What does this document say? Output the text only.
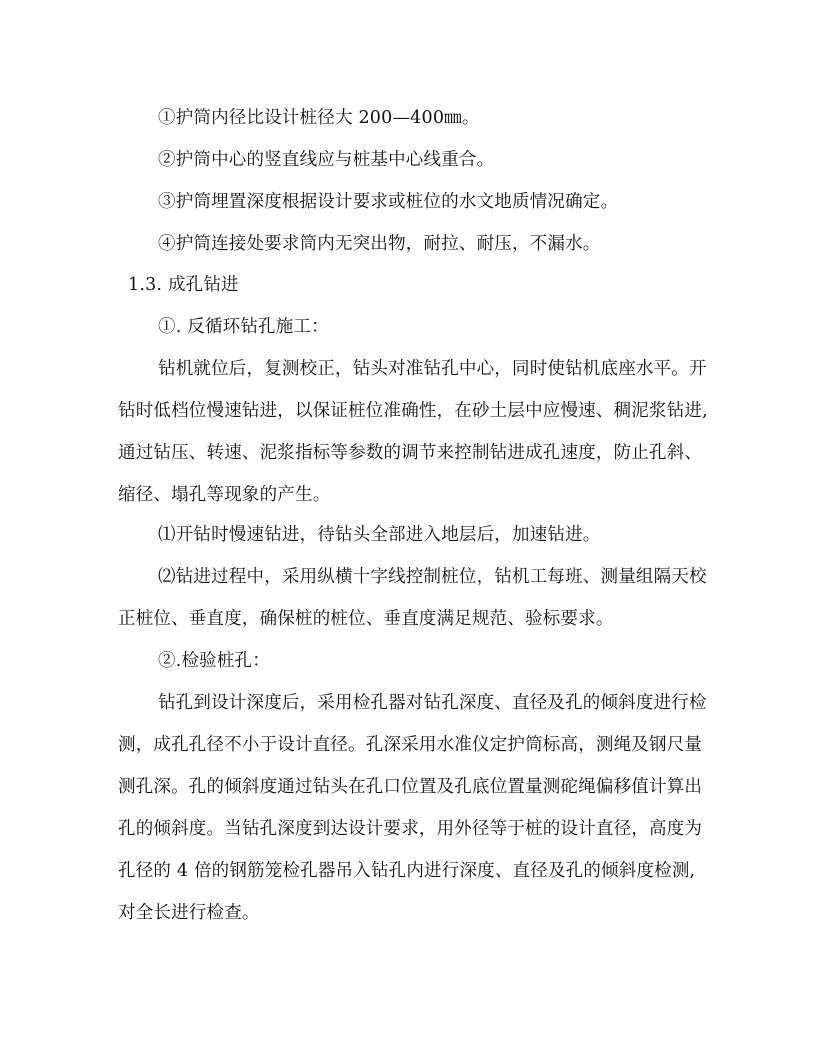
①护筒内径比设计桩径大 200—400㎜。
②护筒中心的竖直线应与桩基中心线重合。
③护筒埋置深度根据设计要求或桩位的水文地质情况确定。
④护筒连接处要求筒内无突出物，耐拉、耐压，不漏水。
1.3. 成孔钻进
①. 反循环钻孔施工：
钻机就位后，复测校正，钻头对准钻孔中心，同时使钻机底座水平。开
钻时低档位慢速钻进，以保证桩位准确性，在砂土层中应慢速、稠泥浆钻进,
通过钻压、转速、泥浆指标等参数的调节来控制钻进成孔速度，防止孔斜、
缩径、塌孔等现象的产生。
⑴开钻时慢速钻进，待钻头全部进入地层后，加速钻进。
⑵钻进过程中，采用纵横十字线控制桩位，钻机工每班、测量组隔天校
正桩位、垂直度，确保桩的桩位、垂直度满足规范、验标要求。
②.检验桩孔：
钻孔到设计深度后，采用检孔器对钻孔深度、直径及孔的倾斜度进行检
测，成孔孔径不小于设计直径。孔深采用水准仪定护筒标高，测绳及钢尺量
测孔深。孔的倾斜度通过钻头在孔口位置及孔底位置量测砣绳偏移值计算出
孔的倾斜度。当钻孔深度到达设计要求，用外径等于桩的设计直径，高度为
孔径的 4 倍的钢筋笼检孔器吊入钻孔内进行深度、直径及孔的倾斜度检测,
对全长进行检查。
